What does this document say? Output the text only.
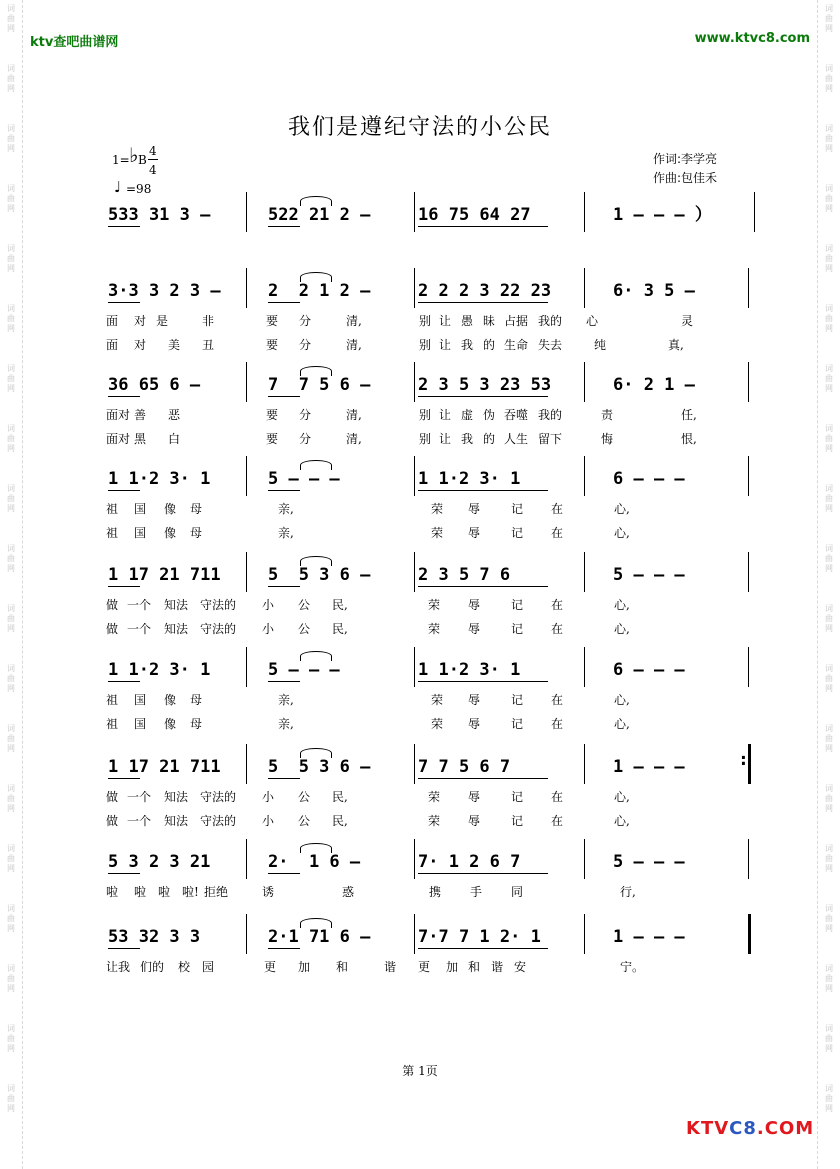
词曲网
词曲网
词曲网
词曲网
词曲网
词曲网
词曲网
词曲网
词曲网
词曲网
词曲网
词曲网
词曲网
词曲网
词曲网
词曲网
词曲网
词曲网
词曲网
词曲网
词曲网
词曲网
词曲网
词曲网
词曲网
词曲网
词曲网
词曲网
词曲网
词曲网
词曲网
词曲网
词曲网
词曲网
词曲网
词曲网
词曲网
词曲网
ktv查吧曲谱网	www.ktvc8.com
我们是遵纪守法的小公民
1= ♭ B
4
4
♩ =98
作词:李学亮
作曲:包佳禾
533 31 3 –	522 21 2 –	16 75 64 27	1 – – – ）
3·3 3 2 3 –	2  2 1 2 –	2 2 2 3 22 23	6· 3 5 –
面 对 是	非	要 分	清,	别 让 愚 昧 占据 我的 心	灵
面 对 美 丑	要 分	清,	别 让 我 的 生命 失去	纯	真,
36 65 6 –	7  7 5 6 –	2 3 5 3 23 53	6· 2 1 –
面对 善 恶	要 分	清,	别 让 虚 伪 吞噬 我的	责	任,
面对 黑 白	要 分	清,	别 让 我 的 人生 留下	悔	恨,
1 1·2 3· 1	5 – – –	1 1·2 3· 1	6 – – –
祖 国 像 母	亲,	荣 辱	记 在	心,
祖 国 像 母	亲,	荣 辱	记 在	心,
1 17 21 711	5  5 3 6 –	2 3 5 7 6	5 – – –
做 一个 知法 守法的 小 公 民,	荣 辱	记 在	心,
做 一个 知法 守法的 小 公 民,	荣 辱	记 在	心,
1 1·2 3· 1	5 – – –	1 1·2 3· 1	6 – – –
祖 国 像 母	亲,	荣 辱	记 在	心,
祖 国 像 母	亲,	荣 辱	记 在	心,
1 17 21 711	5  5 3 6 –	7 7 5 6 7	1 – – –	:
做 一个 知法 守法的 小 公 民,	荣 辱	记 在	心,
做 一个 知法 守法的 小 公 民,	荣 辱	记 在	心,
5 3 2 3 21	2·  1 6 –	7· 1 2 6 7	5 – – –
啦 啦 啦 啦! 拒绝	诱	惑	携 手 同	行,
53 32 3 3	2·1 71 6 –	7·7 7 1 2· 1	1 – – –
让我 们的 校 园	更 加 和	谐 更 加 和 谐 安	宁。
第 1页
KTVC8.COM
